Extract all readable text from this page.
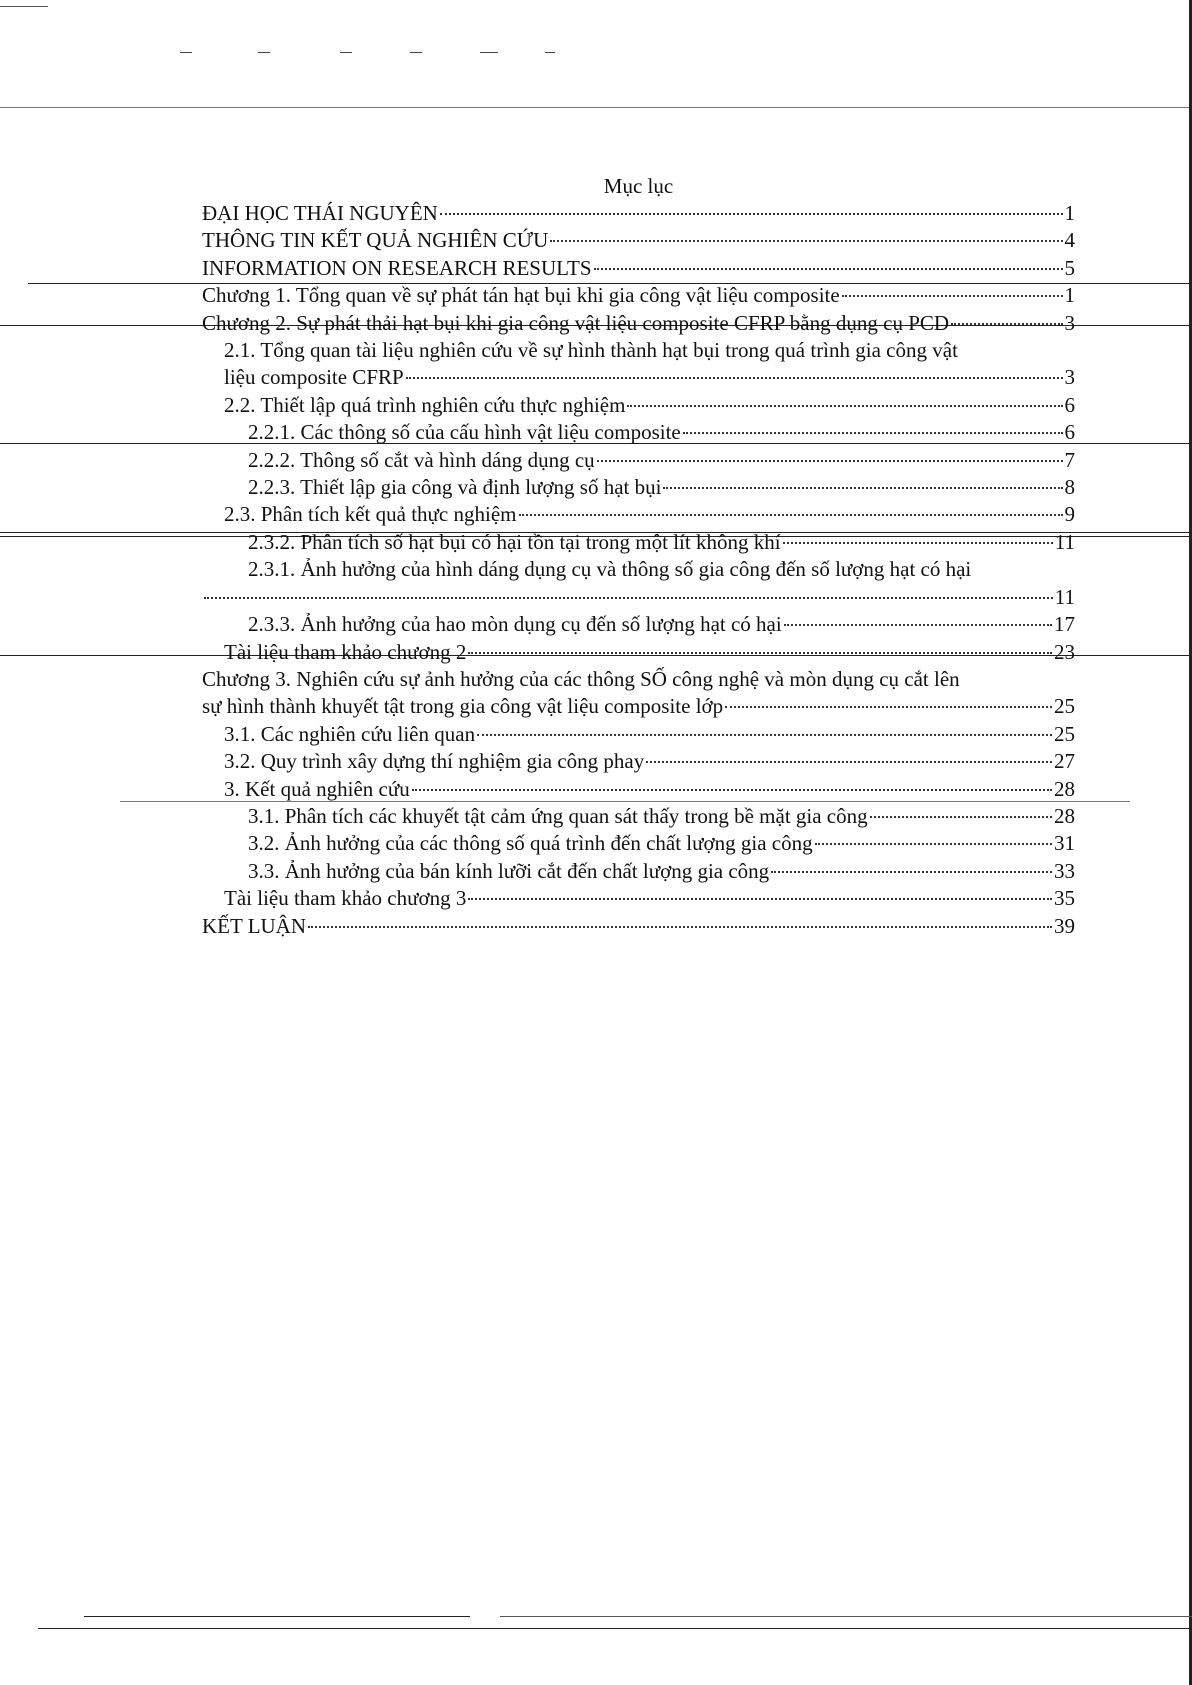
Mục lục
ĐẠI HỌC THÁI NGUYÊN	1
THÔNG TIN KẾT QUẢ NGHIÊN CỨU	4
INFORMATION ON RESEARCH RESULTS	5
Chương 1. Tổng quan về sự phát tán hạt bụi khi gia công vật liệu composite	1
Chương 2. Sự phát thải hạt bụi khi gia công vật liệu composite CFRP bằng dụng cụ PCD	3
2.1. Tổng quan tài liệu nghiên cứu về sự hình thành hạt bụi trong quá trình gia công vật
liệu composite CFRP	3
2.2. Thiết lập quá trình nghiên cứu thực nghiệm	6
2.2.1. Các thông số của cấu hình vật liệu composite	6
2.2.2. Thông số cắt và hình dáng dụng cụ	7
2.2.3. Thiết lập gia công và định lượng số hạt bụi	8
2.3. Phân tích kết quả thực nghiệm	9
2.3.2. Phân tích số hạt bụi có hại tồn tại trong một lít không khí	11
2.3.1. Ảnh hưởng của hình dáng dụng cụ và thông số gia công đến số lượng hạt có hại
11
2.3.3. Ảnh hưởng của hao mòn dụng cụ đến số lượng hạt có hại	17
Tài liệu tham khảo chương 2	23
Chương 3. Nghiên cứu sự ảnh hưởng của các thông SỐ công nghệ và mòn dụng cụ cắt lên
sự hình thành khuyết tật trong gia công vật liệu composite lớp	25
3.1. Các nghiên cứu liên quan	25
3.2. Quy trình xây dựng thí nghiệm gia công phay	27
3. Kết quả nghiên cứu	28
3.1. Phân tích các khuyết tật cảm ứng quan sát thấy trong bề mặt gia công	28
3.2. Ảnh hưởng của các thông số quá trình đến chất lượng gia công	31
3.3. Ảnh hưởng của bán kính lưỡi cắt đến chất lượng gia công	33
Tài liệu tham khảo chương 3	35
KẾT LUẬN	39
